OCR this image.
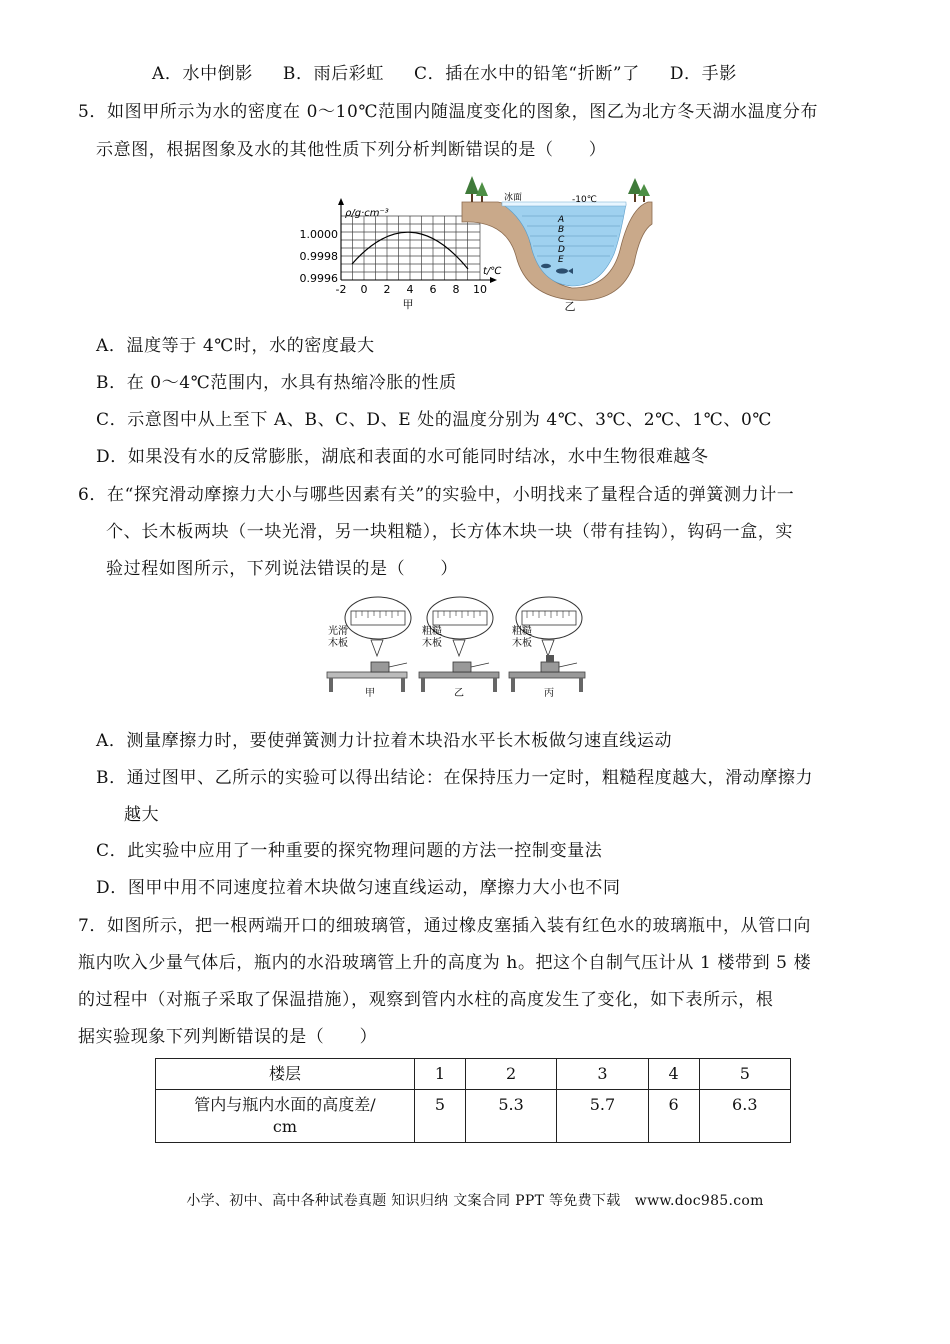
A．水中倒影 B．雨后彩虹 C．插在水中的铅笔“折断”了 D．手影
5．如图甲所示为水的密度在 0～10℃范围内随温度变化的图象，图乙为北方冬天湖水温度分布
示意图，根据图象及水的其他性质下列分析判断错误的是（　　）
ρ/g·cm⁻³
1.0000
0.9998
0.9996
-2 0 2 4 6 8 10
t/℃
甲
A
B
C
D
E
冰面	-10℃
乙
A．温度等于 4℃时，水的密度最大
B．在 0～4℃范围内，水具有热缩冷胀的性质
C．示意图中从上至下 A、B、C、D、E 处的温度分别为 4℃、3℃、2℃、1℃、0℃
D．如果没有水的反常膨胀，湖底和表面的水可能同时结冰，水中生物很难越冬
6．在“探究滑动摩擦力大小与哪些因素有关”的实验中，小明找来了量程合适的弹簧测力计一
个、长木板两块（一块光滑，另一块粗糙），长方体木块一块（带有挂钩），钩码一盒，实
验过程如图所示，下列说法错误的是（　　）
光滑
木板
甲
粗糙
木板
乙
粗糙
木板
丙
A．测量摩擦力时，要使弹簧测力计拉着木块沿水平长木板做匀速直线运动
B．通过图甲、乙所示的实验可以得出结论：在保持压力一定时，粗糙程度越大，滑动摩擦力
越大
C．此实验中应用了一种重要的探究物理问题的方法一控制变量法
D．图甲中用不同速度拉着木块做匀速直线运动，摩擦力大小也不同
7．如图所示，把一根两端开口的细玻璃管，通过橡皮塞插入装有红色水的玻璃瓶中，从管口向
瓶内吹入少量气体后，瓶内的水沿玻璃管上升的高度为 h。把这个自制气压计从 1 楼带到 5 楼
的过程中（对瓶子采取了保温措施），观察到管内水柱的高度发生了变化，如下表所示，根
据实验现象下列判断错误的是（　　）
楼层	1	2	3	4	5

管内与瓶内水面的高度差/
cm	5	5.3	5.7	6	6.3
小学、初中、高中各种试卷真题 知识归纳 文案合同 PPT 等免费下载　www.doc985.com
